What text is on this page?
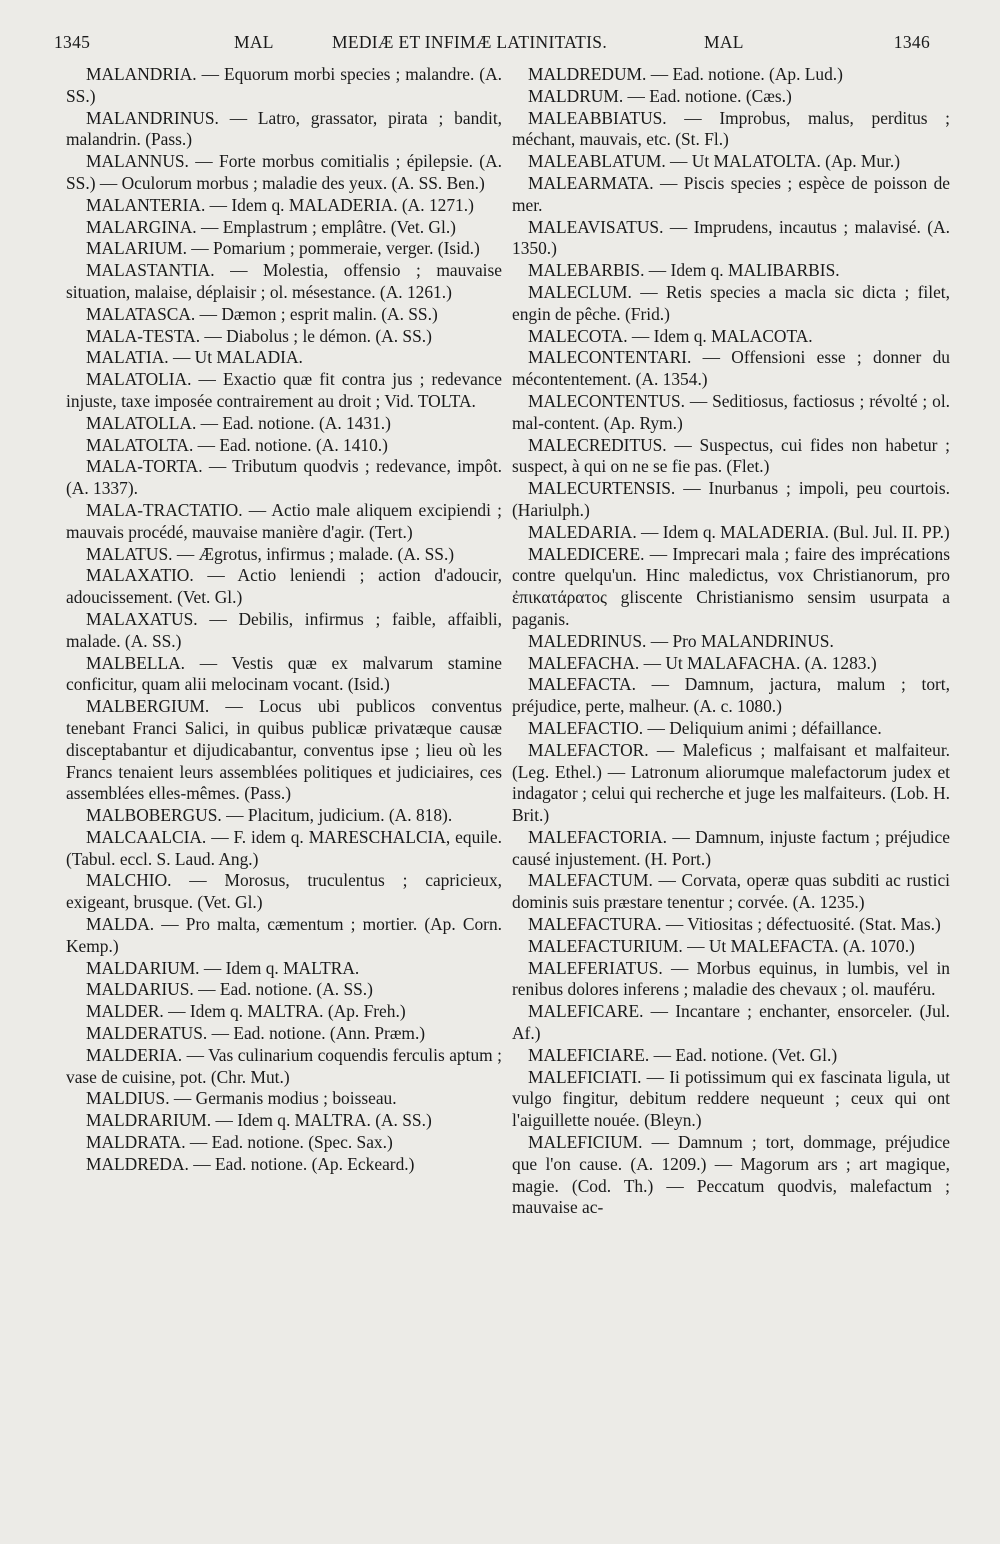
1345	MAL	MEDIÆ ET INFIMÆ LATINITATIS.	MAL	1346

MALANDRIA. — Equorum morbi species ; malandre. (A. SS.)

MALANDRINUS. — Latro, grassator, pirata ; bandit, malandrin. (Pass.)

MALANNUS. — Forte morbus comitialis ; épilepsie. (A. SS.) — Oculorum morbus ; maladie des yeux. (A. SS. Ben.)

MALANTERIA. — Idem q. MALADERIA. (A. 1271.)

MALARGINA. — Emplastrum ; emplâtre. (Vet. Gl.)

MALARIUM. — Pomarium ; pommeraie, verger. (Isid.)

MALASTANTIA. — Molestia, offensio ; mauvaise situation, malaise, déplaisir ; ol. mésestance. (A. 1261.)

MALATASCA. — Dæmon ; esprit malin. (A. SS.)

MALA-TESTA. — Diabolus ; le démon. (A. SS.)

MALATIA. — Ut MALADIA.

MALATOLIA. — Exactio quæ fit contra jus ; redevance injuste, taxe imposée contrairement au droit ; Vid. TOLTA.

MALATOLLA. — Ead. notione. (A. 1431.)

MALATOLTA. — Ead. notione. (A. 1410.)

MALA-TORTA. — Tributum quodvis ; redevance, impôt. (A. 1337).

MALA-TRACTATIO. — Actio male aliquem excipiendi ; mauvais procédé, mauvaise manière d'agir. (Tert.)

MALATUS. — Ægrotus, infirmus ; malade. (A. SS.)

MALAXATIO. — Actio leniendi ; action d'adoucir, adoucissement. (Vet. Gl.)

MALAXATUS. — Debilis, infirmus ; faible, affaibli, malade. (A. SS.)

MALBELLA. — Vestis quæ ex malvarum stamine conficitur, quam alii melocinam vocant. (Isid.)

MALBERGIUM. — Locus ubi publicos conventus tenebant Franci Salici, in quibus publicæ privatæque causæ disceptabantur et dijudicabantur, conventus ipse ; lieu où les Francs tenaient leurs assemblées politiques et judiciaires, ces assemblées elles-mêmes. (Pass.)

MALBOBERGUS. — Placitum, judicium. (A. 818).

MALCAALCIA. — F. idem q. MARESCHALCIA, equile. (Tabul. eccl. S. Laud. Ang.)

MALCHIO. — Morosus, truculentus ; capricieux, exigeant, brusque. (Vet. Gl.)

MALDA. — Pro malta, cæmentum ; mortier. (Ap. Corn. Kemp.)

MALDARIUM. — Idem q. MALTRA.

MALDARIUS. — Ead. notione. (A. SS.)

MALDER. — Idem q. MALTRA. (Ap. Freh.)

MALDERATUS. — Ead. notione. (Ann. Præm.)

MALDERIA. — Vas culinarium coquendis ferculis aptum ; vase de cuisine, pot. (Chr. Mut.)

MALDIUS. — Germanis modius ; boisseau.

MALDRARIUM. — Idem q. MALTRA. (A. SS.)

MALDRATA. — Ead. notione. (Spec. Sax.)

MALDREDA. — Ead. notione. (Ap. Eckeard.)

MALDREDUM. — Ead. notione. (Ap. Lud.)

MALDRUM. — Ead. notione. (Cæs.)

MALEABBIATUS. — Improbus, malus, perditus ; méchant, mauvais, etc. (St. Fl.)

MALEABLATUM. — Ut MALATOLTA. (Ap. Mur.)

MALEARMATA. — Piscis species ; espèce de poisson de mer.

MALEAVISATUS. — Imprudens, incautus ; malavisé. (A. 1350.)

MALEBARBIS. — Idem q. MALIBARBIS.

MALECLUM. — Retis species a macla sic dicta ; filet, engin de pêche. (Frid.)

MALECOTA. — Idem q. MALACOTA.

MALECONTENTARI. — Offensioni esse ; donner du mécontentement. (A. 1354.)

MALECONTENTUS. — Seditiosus, factiosus ; révolté ; ol. mal-content. (Ap. Rym.)

MALECREDITUS. — Suspectus, cui fides non habetur ; suspect, à qui on ne se fie pas. (Flet.)

MALECURTENSIS. — Inurbanus ; impoli, peu courtois. (Hariulph.)

MALEDARIA. — Idem q. MALADERIA. (Bul. Jul. II. PP.)

MALEDICERE. — Imprecari mala ; faire des imprécations contre quelqu'un. Hinc maledictus, vox Christianorum, pro ἐπικατάρατος gliscente Christianismo sensim usurpata a paganis.

MALEDRINUS. — Pro MALANDRINUS.

MALEFACHA. — Ut MALAFACHA. (A. 1283.)

MALEFACTA. — Damnum, jactura, malum ; tort, préjudice, perte, malheur. (A. c. 1080.)

MALEFACTIO. — Deliquium animi ; défaillance.

MALEFACTOR. — Maleficus ; malfaisant et malfaiteur. (Leg. Ethel.) — Latronum aliorumque malefactorum judex et indagator ; celui qui recherche et juge les malfaiteurs. (Lob. H. Brit.)

MALEFACTORIA. — Damnum, injuste factum ; préjudice causé injustement. (H. Port.)

MALEFACTUM. — Corvata, operæ quas subditi ac rustici dominis suis præstare tenentur ; corvée. (A. 1235.)

MALEFACTURA. — Vitiositas ; défectuosité. (Stat. Mas.)

MALEFACTURIUM. — Ut MALEFACTA. (A. 1070.)

MALEFERIATUS. — Morbus equinus, in lumbis, vel in renibus dolores inferens ; maladie des chevaux ; ol. mauféru.

MALEFICARE. — Incantare ; enchanter, ensorceler. (Jul. Af.)

MALEFICIARE. — Ead. notione. (Vet. Gl.)

MALEFICIATI. — Ii potissimum qui ex fascinata ligula, ut vulgo fingitur, debitum reddere nequeunt ; ceux qui ont l'aiguillette nouée. (Bleyn.)

MALEFICIUM. — Damnum ; tort, dommage, préjudice que l'on cause. (A. 1209.) — Magorum ars ; art magique, magie. (Cod. Th.) — Peccatum quodvis, malefactum ; mauvaise ac-
